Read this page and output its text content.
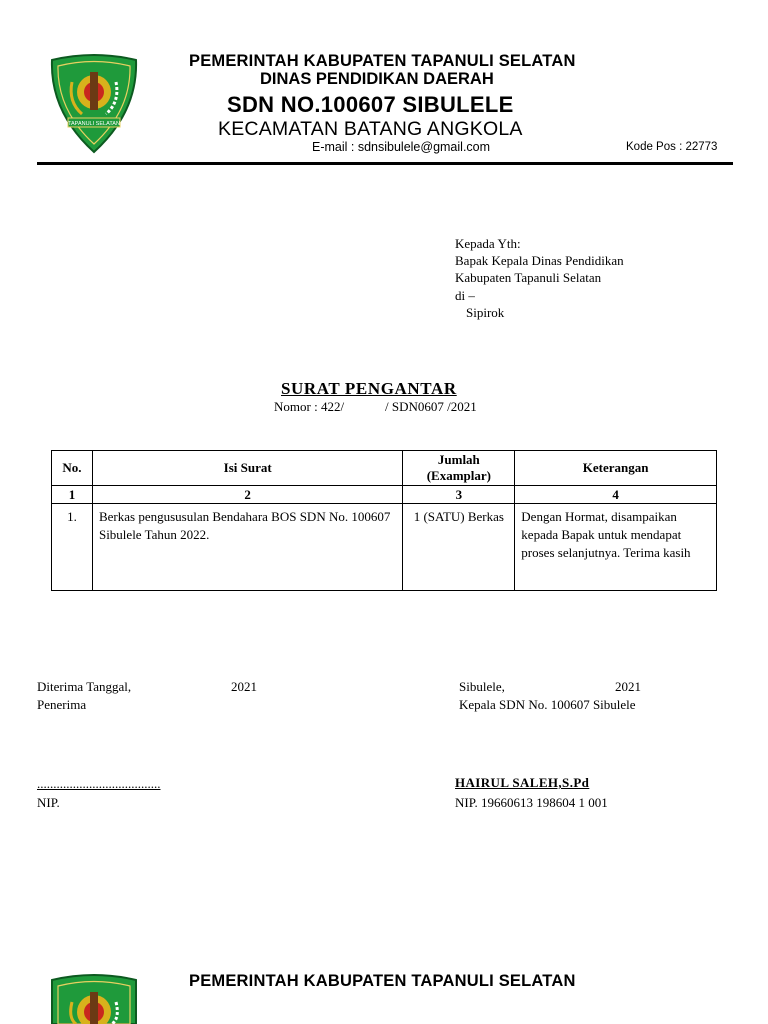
TAPANULI SELATAN
PEMERINTAH KABUPATEN TAPANULI SELATAN
DINAS PENDIDIKAN DAERAH
SDN NO.100607 SIBULELE
KECAMATAN BATANG ANGKOLA
E-mail : sdnsibulele@gmail.com	Kode Pos : 22773
Kepada Yth:
Bapak Kepala Dinas Pendidikan
Kabupaten Tapanuli Selatan
di –
Sipirok
SURAT PENGANTAR
Nomor : 422/	/ SDN0607 /2021
No.	Isi Surat	Jumlah (Examplar)	Keterangan
1	2	3	4
1.	Berkas pengususulan Bendahara BOS SDN No. 100607 Sibulele Tahun 2022.	1 (SATU) Berkas	Dengan Hormat, disampaikan kepada Bapak untuk mendapat proses selanjutnya. Terima kasih
Diterima Tanggal,	2021
Penerima
......................................
NIP.
Sibulele,	2021
Kepala SDN No. 100607 Sibulele
HAIRUL SALEH,S.Pd
NIP. 19660613 198604 1 001
PEMERINTAH KABUPATEN TAPANULI SELATAN
